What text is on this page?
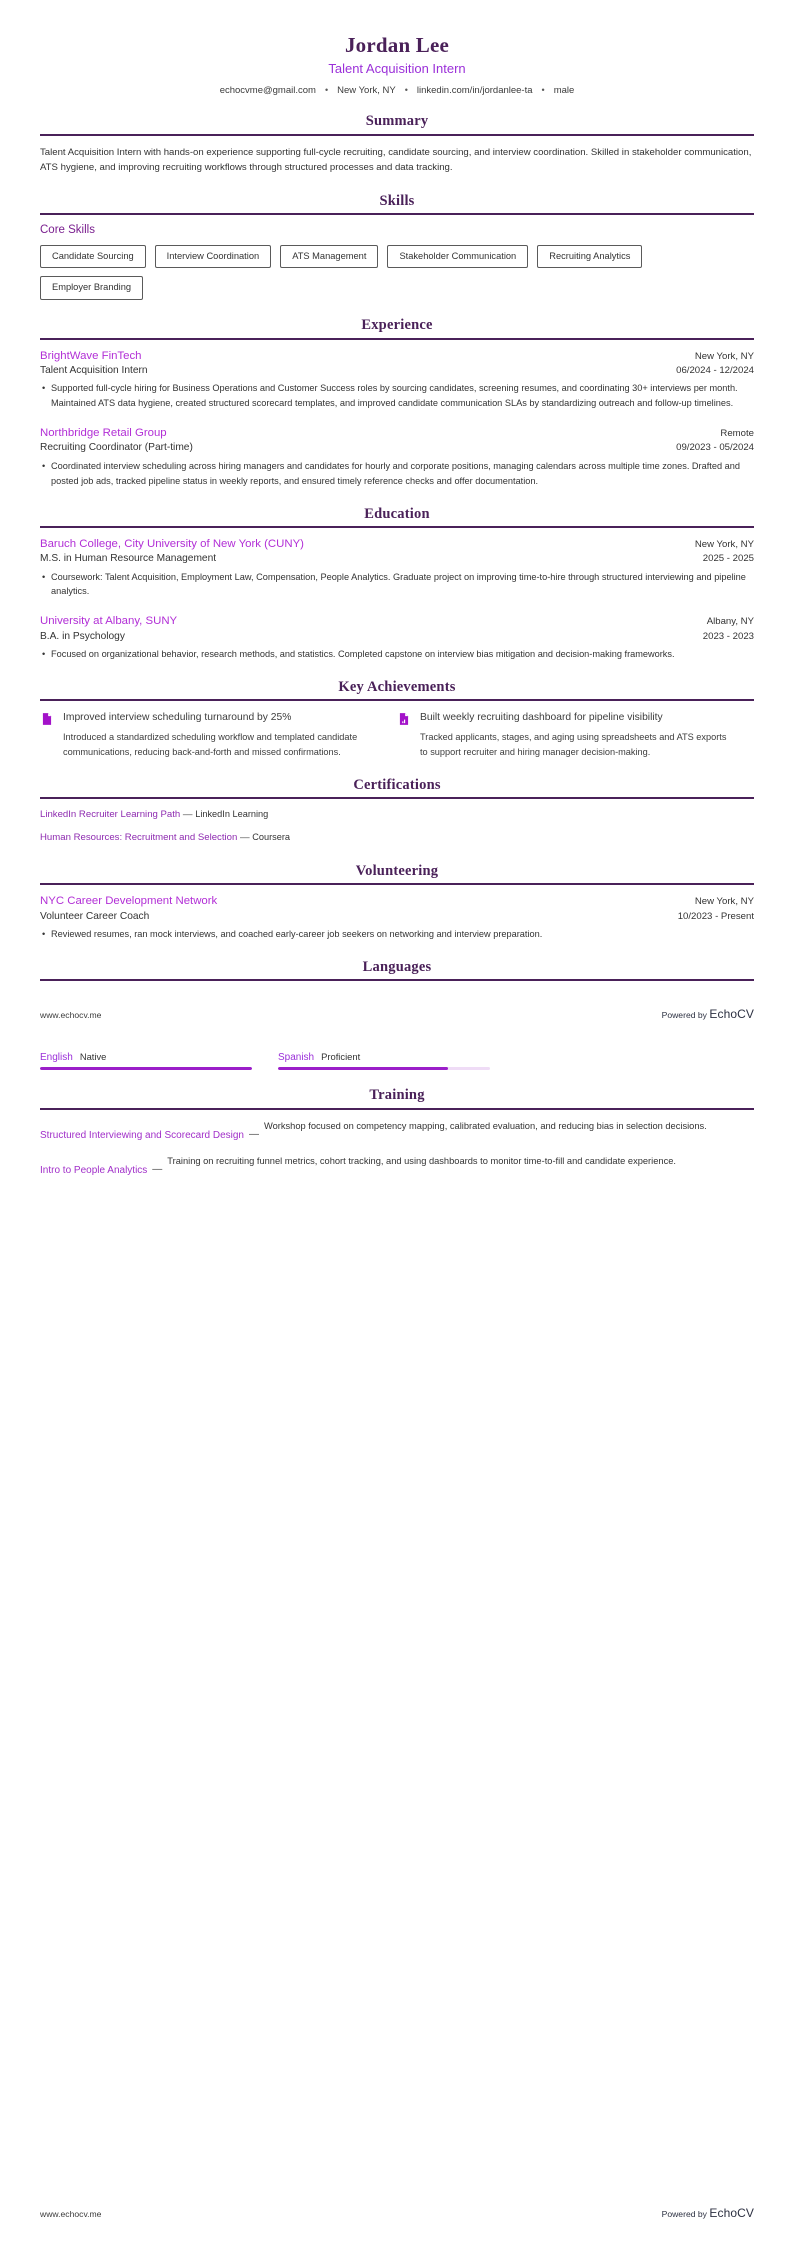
Jordan Lee
Talent Acquisition Intern
echocvme@gmail.com • New York, NY • linkedin.com/in/jordanlee-ta • male
Summary
Talent Acquisition Intern with hands-on experience supporting full-cycle recruiting, candidate sourcing, and interview coordination. Skilled in stakeholder communication, ATS hygiene, and improving recruiting workflows through structured processes and data tracking.
Skills
Core Skills
Candidate Sourcing	Interview Coordination	ATS Management	Stakeholder Communication	Recruiting Analytics
Employer Branding
Experience
BrightWave FinTech	New York, NY
Talent Acquisition Intern	06/2024 - 12/2024
• Supported full-cycle hiring for Business Operations and Customer Success roles by sourcing candidates, screening resumes, and coordinating 30+ interviews per month. Maintained ATS data hygiene, created structured scorecard templates, and improved candidate communication SLAs by standardizing outreach and follow-up timelines.
Northbridge Retail Group	Remote
Recruiting Coordinator (Part-time)	09/2023 - 05/2024
• Coordinated interview scheduling across hiring managers and candidates for hourly and corporate positions, managing calendars across multiple time zones. Drafted and posted job ads, tracked pipeline status in weekly reports, and ensured timely reference checks and offer documentation.
Education
Baruch College, City University of New York (CUNY)	New York, NY
M.S. in Human Resource Management	2025 - 2025
• Coursework: Talent Acquisition, Employment Law, Compensation, People Analytics. Graduate project on improving time-to-hire through structured interviewing and pipeline analytics.
University at Albany, SUNY	Albany, NY
B.A. in Psychology	2023 - 2023
• Focused on organizational behavior, research methods, and statistics. Completed capstone on interview bias mitigation and decision-making frameworks.
Key Achievements
Improved interview scheduling turnaround by 25%
Introduced a standardized scheduling workflow and templated candidate communications, reducing back-and-forth and missed confirmations.
Built weekly recruiting dashboard for pipeline visibility
Tracked applicants, stages, and aging using spreadsheets and ATS exports to support recruiter and hiring manager decision-making.
Certifications
LinkedIn Recruiter Learning Path — LinkedIn Learning
Human Resources: Recruitment and Selection — Coursera
Volunteering
NYC Career Development Network	New York, NY
Volunteer Career Coach	10/2023 - Present
• Reviewed resumes, ran mock interviews, and coached early-career job seekers on networking and interview preparation.
Languages
www.echocv.me	Powered by EchoCV
English Native	Spanish Proficient
Training
Structured Interviewing and Scorecard Design —
Workshop focused on competency mapping, calibrated evaluation, and reducing bias in selection decisions.
Intro to People Analytics —
Training on recruiting funnel metrics, cohort tracking, and using dashboards to monitor time-to-fill and candidate experience.
www.echocv.me	Powered by EchoCV
